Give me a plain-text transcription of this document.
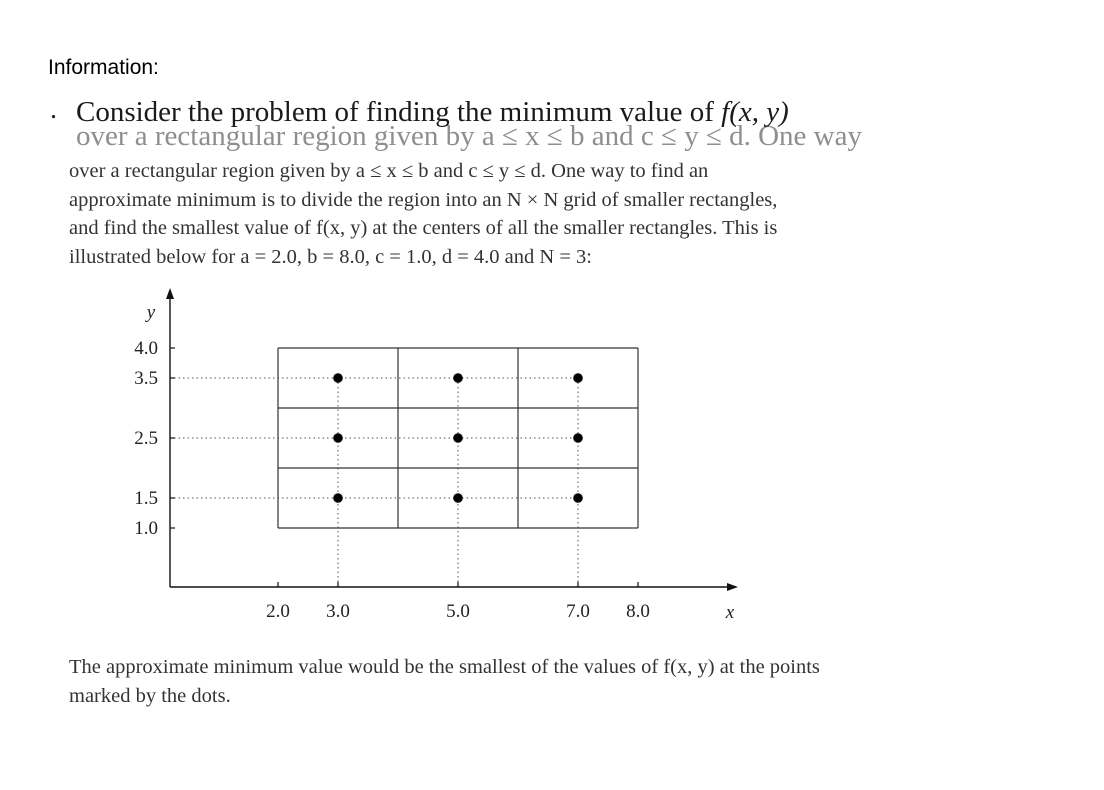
Information:
. Consider the problem of finding the minimum value of f(x, y)
over a rectangular region given by a ≤ x ≤ b and c ≤ y ≤ d. One way
over a rectangular region given by a ≤ x ≤ b and c ≤ y ≤ d. One way to find an
approximate minimum is to divide the region into an N × N grid of smaller rectangles,
and find the smallest value of f(x, y) at the centers of all the smaller rectangles. This is
illustrated below for a = 2.0, b = 8.0, c = 1.0, d = 4.0 and N = 3:
2.0 3.0	5.0	7.0 8.0
4.0
3.5
2.5
1.5
1.0
x
y
The approximate minimum value would be the smallest of the values of f(x, y) at the points
marked by the dots.
